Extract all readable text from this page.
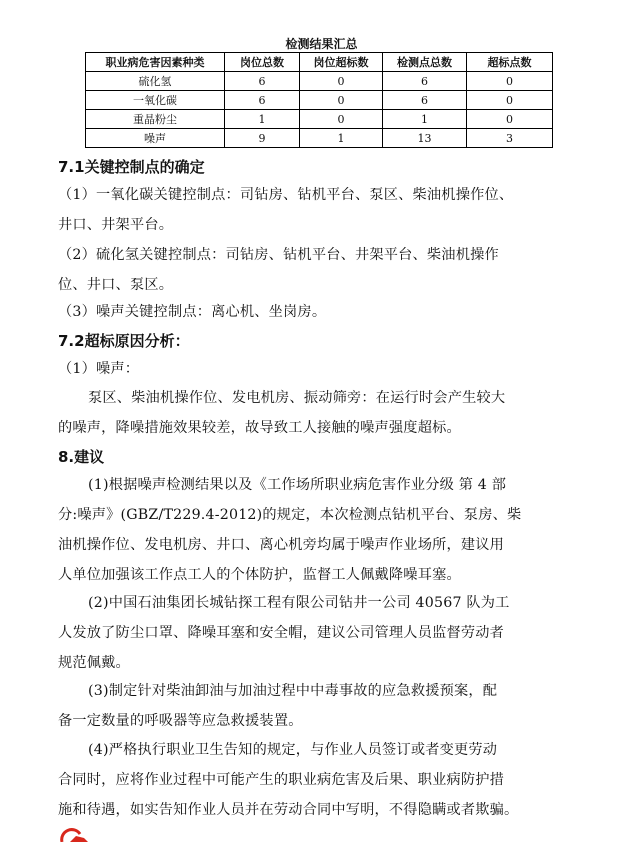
检测结果汇总
职业病危害因素种类	岗位总数	岗位超标数	检测点总数	超标点数
硫化氢	6	0	6	0
一氧化碳	6	0	6	0
重晶粉尘	1	0	1	0
噪声	9	1	13	3
7.1关键控制点的确定
（1）一氧化碳关键控制点：司钻房、钻机平台、泵区、柴油机操作位、
井口、井架平台。
（2）硫化氢关键控制点：司钻房、钻机平台、井架平台、柴油机操作
位、井口、泵区。
（3）噪声关键控制点：离心机、坐岗房。
7.2超标原因分析：
（1）噪声：
泵区、柴油机操作位、发电机房、振动筛旁：在运行时会产生较大
的噪声，降噪措施效果较差，故导致工人接触的噪声强度超标。
8.建议
(1)根据噪声检测结果以及《工作场所职业病危害作业分级 第 4 部
分:噪声》(GBZ/T229.4-2012)的规定，本次检测点钻机平台、泵房、柴
油机操作位、发电机房、井口、离心机旁均属于噪声作业场所，建议用
人单位加强该工作点工人的个体防护，监督工人佩戴降噪耳塞。
(2)中国石油集团长城钻探工程有限公司钻井一公司 40567 队为工
人发放了防尘口罩、降噪耳塞和安全帽，建议公司管理人员监督劳动者
规范佩戴。
(3)制定针对柴油卸油与加油过程中中毒事故的应急救援预案，配
备一定数量的呼吸器等应急救援装置。
(4)严格执行职业卫生告知的规定，与作业人员签订或者变更劳动
合同时，应将作业过程中可能产生的职业病危害及后果、职业病防护措
施和待遇，如实告知作业人员并在劳动合同中写明，不得隐瞒或者欺骗。
